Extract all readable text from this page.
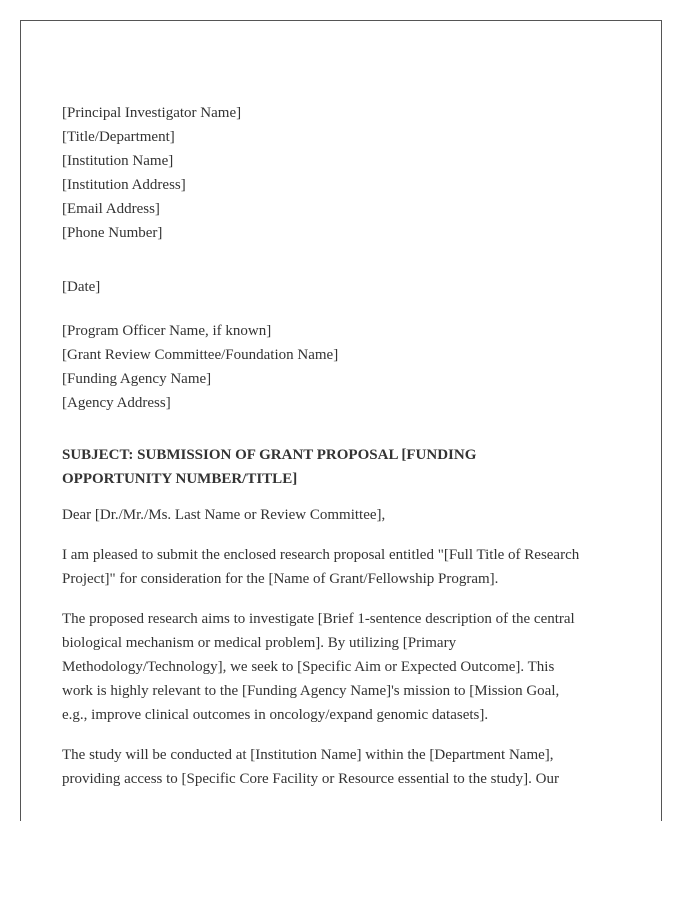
[Principal Investigator Name]
[Title/Department]
[Institution Name]
[Institution Address]
[Email Address]
[Phone Number]
[Date]
[Program Officer Name, if known]
[Grant Review Committee/Foundation Name]
[Funding Agency Name]
[Agency Address]
SUBJECT: SUBMISSION OF GRANT PROPOSAL [FUNDING
OPPORTUNITY NUMBER/TITLE]
Dear [Dr./Mr./Ms. Last Name or Review Committee],
I am pleased to submit the enclosed research proposal entitled "[Full Title of Research
Project]" for consideration for the [Name of Grant/Fellowship Program].
The proposed research aims to investigate [Brief 1-sentence description of the central
biological mechanism or medical problem]. By utilizing [Primary
Methodology/Technology], we seek to [Specific Aim or Expected Outcome]. This
work is highly relevant to the [Funding Agency Name]'s mission to [Mission Goal,
e.g., improve clinical outcomes in oncology/expand genomic datasets].
The study will be conducted at [Institution Name] within the [Department Name],
providing access to [Specific Core Facility or Resource essential to the study]. Our
